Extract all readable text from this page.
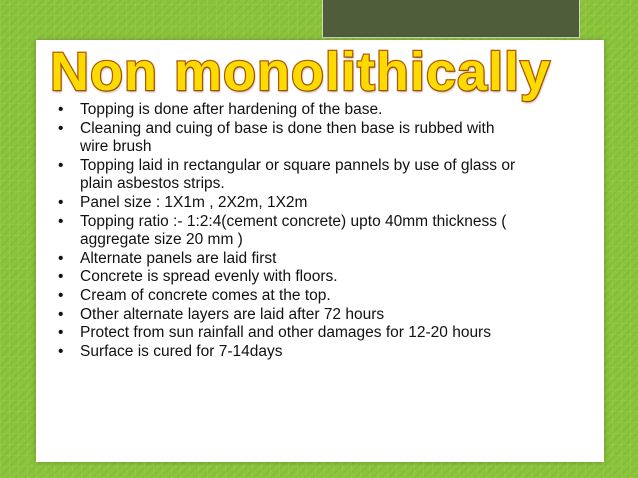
Non monolithically
• Topping is done after hardening of the base.
• Cleaning and cuing of base is done then base is rubbed with wire brush
• Topping laid in rectangular or square pannels by use of glass or plain asbestos strips.
• Panel size : 1X1m , 2X2m, 1X2m
• Topping ratio :- 1:2:4(cement concrete) upto 40mm thickness ( aggregate size 20 mm )
• Alternate panels are laid first
• Concrete is spread evenly with floors.
• Cream of concrete comes at the top.
• Other alternate layers are laid after 72 hours
• Protect from sun rainfall and other damages for 12-20 hours
• Surface is cured for 7-14days
